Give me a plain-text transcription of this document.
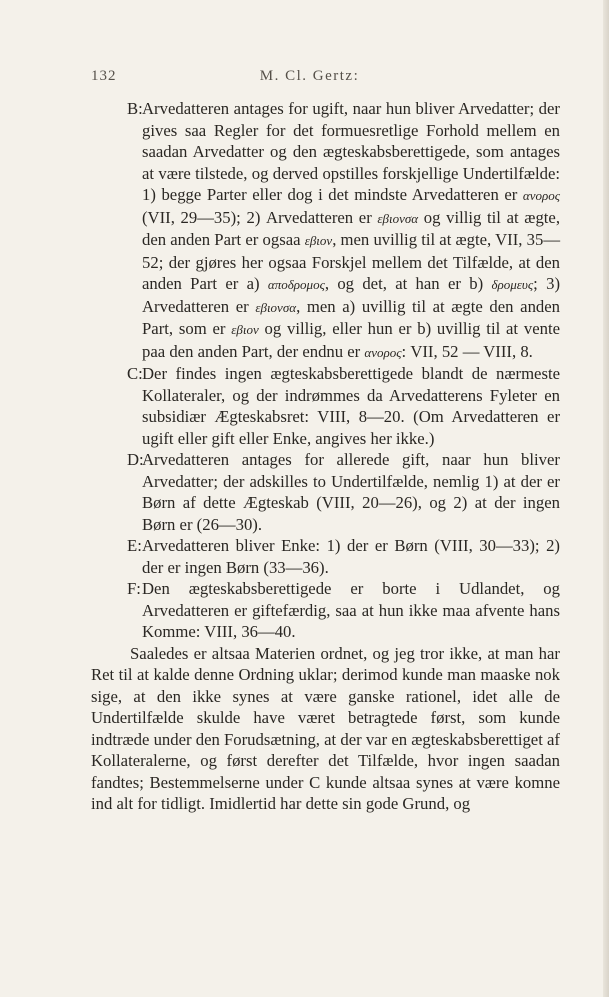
132	M. Cl. Gertz:
B: Arvedatteren antages for ugift, naar hun bliver Arvedatter; der gives saa Regler for det formuesretlige Forhold mellem en saadan Arvedatter og den ægteskabsberettigede, som antages at være tilstede, og derved opstilles forskjellige Undertilfælde: 1) begge Parter eller dog i det mindste Arvedatteren er ανορος (VII, 29—35); 2) Arvedatteren er εβιονσα og villig til at ægte, den anden Part er ogsaa εβιον, men uvillig til at ægte, VII, 35—52; der gjøres her ogsaa Forskjel mellem det Tilfælde, at den anden Part er a) αποδρομος, og det, at han er b) δρομευς; 3) Arvedatteren er εβιονσα, men a) uvillig til at ægte den anden Part, som er εβιον og villig, eller hun er b) uvillig til at vente paa den anden Part, der endnu er ανορος: VII, 52 — VIII, 8.
C: Der findes ingen ægteskabsberettigede blandt de nærmeste Kollateraler, og der indrømmes da Arvedatterens Fyleter en subsidiær Ægteskabsret: VIII, 8—20. (Om Arvedatteren er ugift eller gift eller Enke, angives her ikke.)
D:
Arvedatteren antages for allerede gift, naar hun bliver Arvedatter; der adskilles to Undertilfælde, nemlig 1) at der er Børn af dette Ægteskab (VIII, 20—26), og 2) at der ingen Børn er (26—30).
E: Arvedatteren bliver Enke: 1) der er Børn (VIII, 30—33); 2) der er ingen Børn (33—36).
F: Den ægteskabsberettigede er borte i Udlandet, og Arvedatteren er giftefærdig, saa at hun ikke maa afvente hans Komme: VIII, 36—40.

Saaledes er altsaa Materien ordnet, og jeg tror ikke, at man har Ret til at kalde denne Ordning uklar; derimod kunde man maaske nok sige, at den ikke synes at være ganske rationel, idet alle de Undertilfælde skulde have været betragtede først, som kunde indtræde under den Forudsætning, at der var en ægteskabsberettiget af Kollateralerne, og først derefter det Tilfælde, hvor ingen saadan fandtes; Bestemmelserne under C kunde altsaa synes at være komne ind alt for tidligt. Imidlertid har dette sin gode Grund, og
